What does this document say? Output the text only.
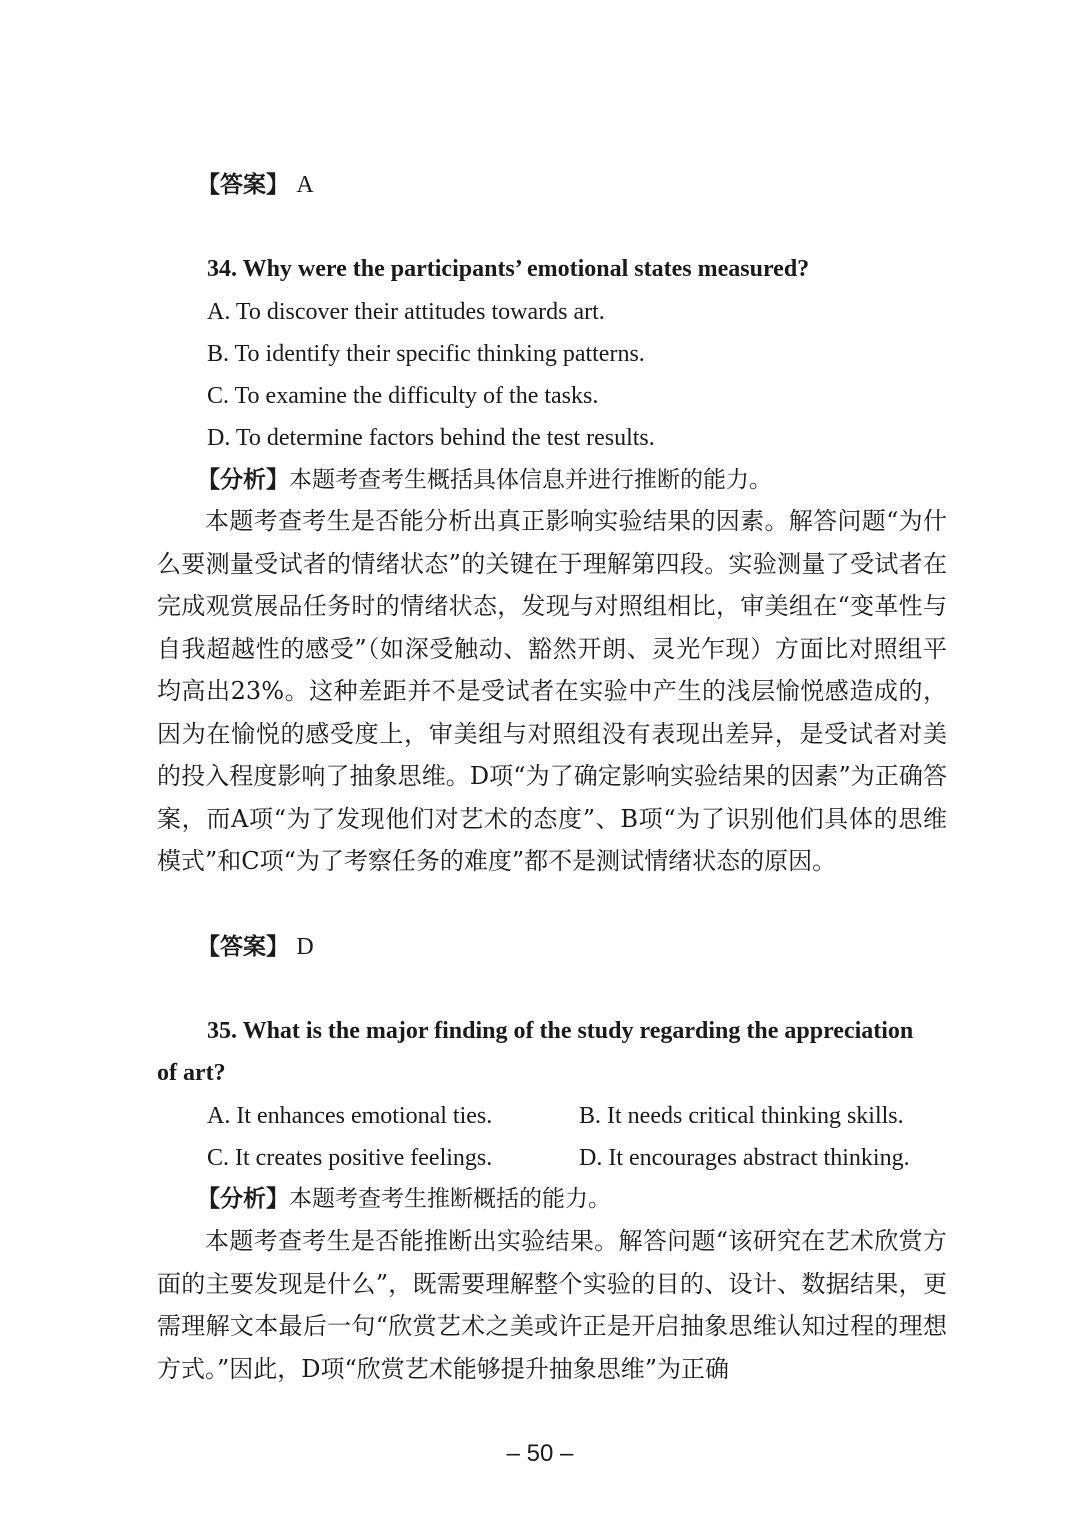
【答案】 A
34. Why were the participants’ emotional states measured?
A. To discover their attitudes towards art.
B. To identify their specific thinking patterns.
C. To examine the difficulty of the tasks.
D. To determine factors behind the test results.
【分析】本题考查考生概括具体信息并进行推断的能力。
本题考查考生是否能分析出真正影响实验结果的因素。解答问题“为什么要测量受试者的情绪状态”的关键在于理解第四段。实验测量了受试者在完成观赏展品任务时的情绪状态，发现与对照组相比，审美组在“变革性与自我超越性的感受”（如深受触动、豁然开朗、灵光乍现）方面比对照组平均高出23%。这种差距并不是受试者在实验中产生的浅层愉悦感造成的，因为在愉悦的感受度上，审美组与对照组没有表现出差异，是受试者对美的投入程度影响了抽象思维。D项“为了确定影响实验结果的因素”为正确答案，而A项“为了发现他们对艺术的态度”、B项“为了识别他们具体的思维模式”和C项“为了考察任务的难度”都不是测试情绪状态的原因。
【答案】 D
35. What is the major finding of the study regarding the appreciation
of art?
A. It enhances emotional ties.	B. It needs critical thinking skills.
C. It creates positive feelings.	D. It encourages abstract thinking.
【分析】本题考查考生推断概括的能力。
本题考查考生是否能推断出实验结果。解答问题“该研究在艺术欣赏方面的主要发现是什么”，既需要理解整个实验的目的、设计、数据结果，更需理解文本最后一句“欣赏艺术之美或许正是开启抽象思维认知过程的理想方式。”因此，D项“欣赏艺术能够提升抽象思维”为正确
– 50 –
